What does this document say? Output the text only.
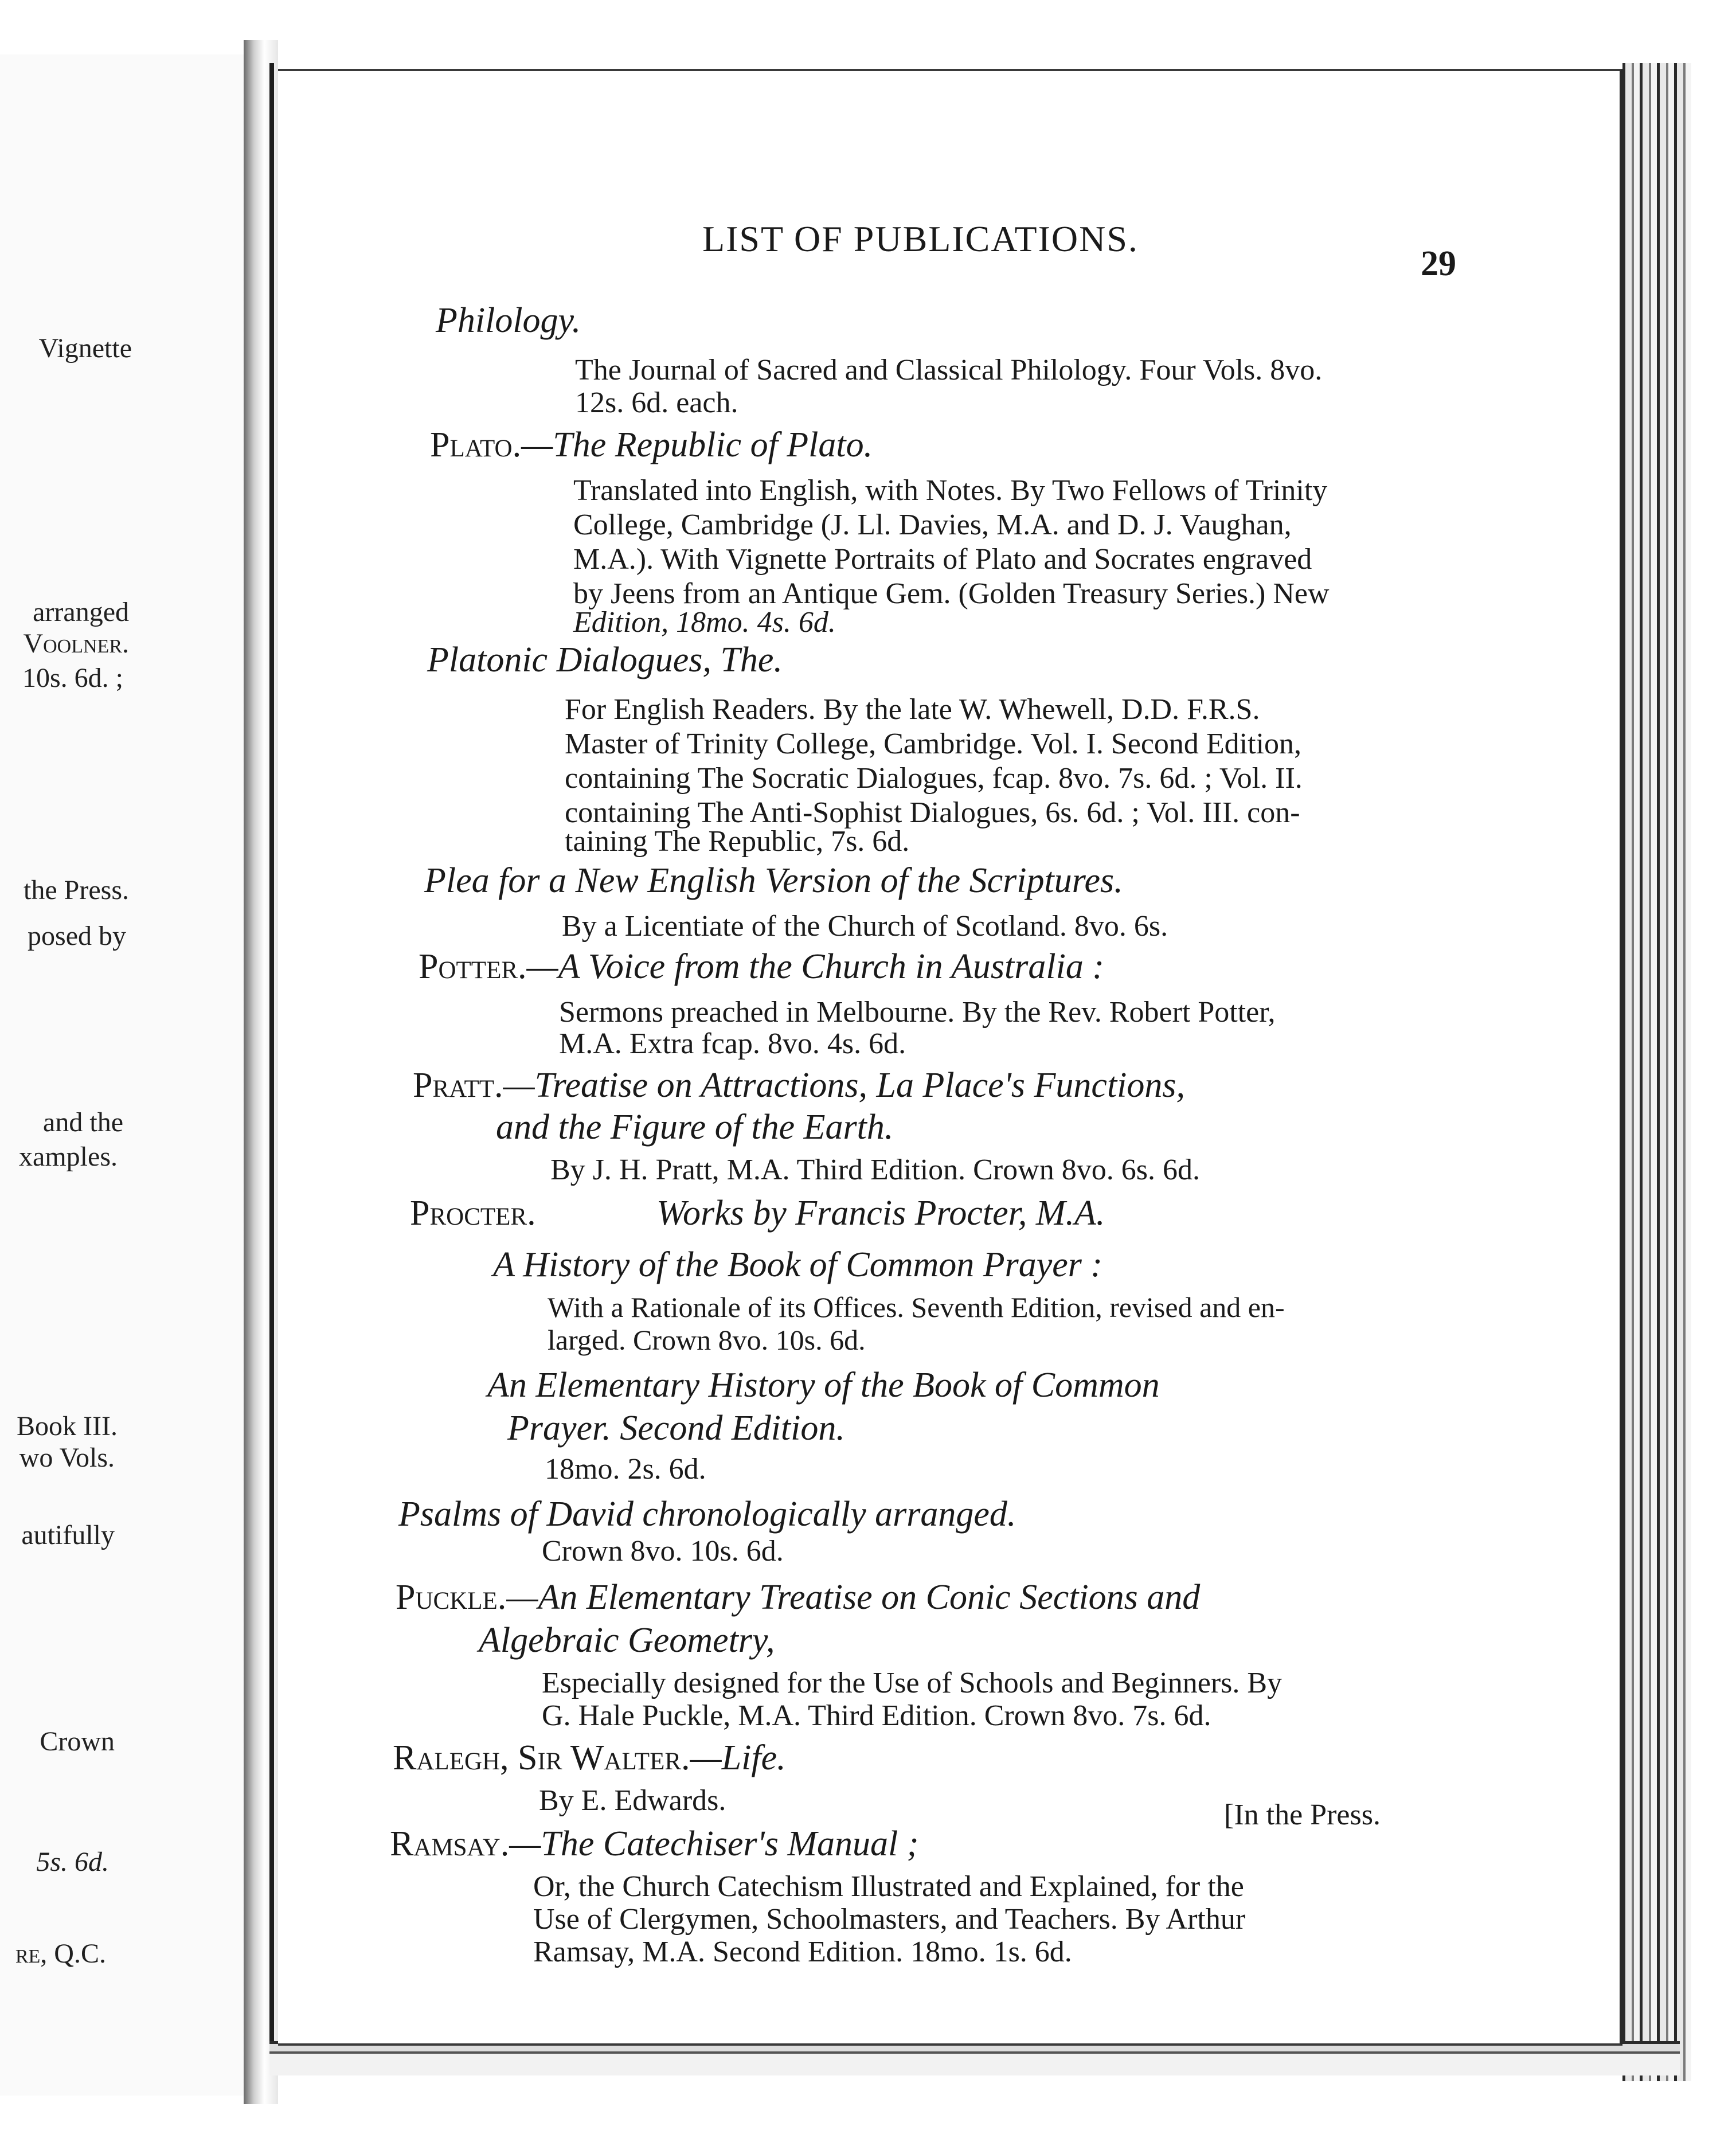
Vignette
arranged
Voolner.
10s. 6d. ;
the Press.
posed by
and the
xamples.
Book III.
wo Vols.
autifully
Crown
5s. 6d.
re, Q.C.
LIST OF PUBLICATIONS.
29
Philology.
The Journal of Sacred and Classical Philology. Four Vols. 8vo.
12s. 6d. each.
Plato.—The Republic of Plato.
Translated into English, with Notes. By Two Fellows of Trinity
College, Cambridge (J. Ll. Davies, M.A. and D. J. Vaughan,
M.A.). With Vignette Portraits of Plato and Socrates engraved
by Jeens from an Antique Gem. (Golden Treasury Series.) New
Edition, 18mo. 4s. 6d.
Platonic Dialogues, The.
For English Readers. By the late W. Whewell, D.D. F.R.S.
Master of Trinity College, Cambridge. Vol. I. Second Edition,
containing The Socratic Dialogues, fcap. 8vo. 7s. 6d. ; Vol. II.
containing The Anti-Sophist Dialogues, 6s. 6d. ; Vol. III. con-
taining The Republic, 7s. 6d.
Plea for a New English Version of the Scriptures.
By a Licentiate of the Church of Scotland. 8vo. 6s.
Potter.—A Voice from the Church in Australia :
Sermons preached in Melbourne. By the Rev. Robert Potter,
M.A. Extra fcap. 8vo. 4s. 6d.
Pratt.—Treatise on Attractions, La Place's Functions,
and the Figure of the Earth.
By J. H. Pratt, M.A. Third Edition. Crown 8vo. 6s. 6d.
Procter.	Works by Francis Procter, M.A.
A History of the Book of Common Prayer :
With a Rationale of its Offices. Seventh Edition, revised and en-
larged. Crown 8vo. 10s. 6d.
An Elementary History of the Book of Common
Prayer. Second Edition.
18mo. 2s. 6d.
Psalms of David chronologically arranged.
Crown 8vo. 10s. 6d.
Puckle.—An Elementary Treatise on Conic Sections and
Algebraic Geometry,
Especially designed for the Use of Schools and Beginners. By
G. Hale Puckle, M.A. Third Edition. Crown 8vo. 7s. 6d.
Ralegh, Sir Walter.—Life.
By E. Edwards.	[In the Press.
Ramsay.—The Catechiser's Manual ;
Or, the Church Catechism Illustrated and Explained, for the
Use of Clergymen, Schoolmasters, and Teachers. By Arthur
Ramsay, M.A. Second Edition. 18mo. 1s. 6d.
